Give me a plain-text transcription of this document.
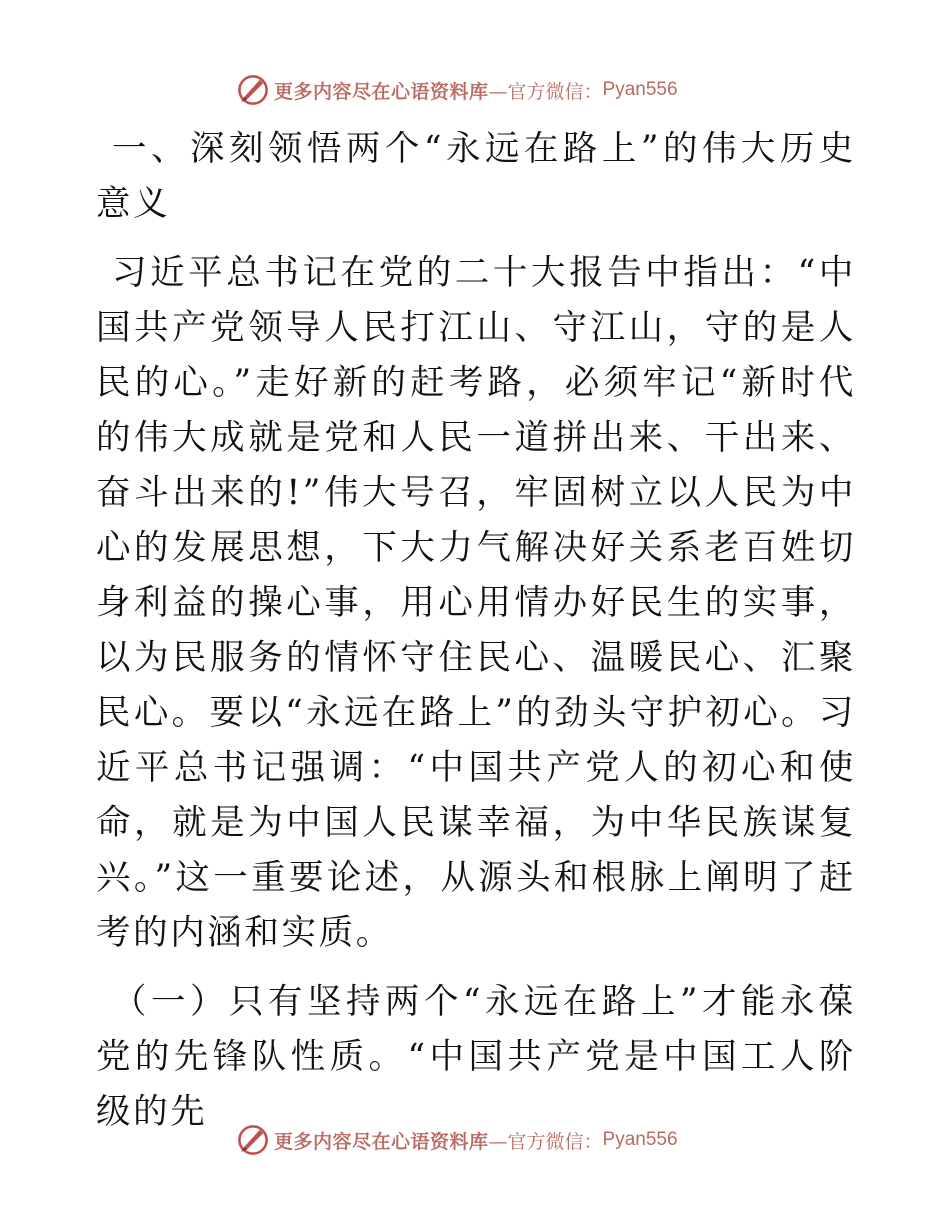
更多内容尽在心语资料库 —官方微信： Pyan556

一、深刻领悟两个“永远在路上”的伟大历史意义

习近平总书记在党的二十大报告中指出：“中国共产党领导人民打江山、守江山，守的是人民的心。”走好新的赶考路，必须牢记“新时代的伟大成就是党和人民一道拼出来、干出来、奋斗出来的!”伟大号召，牢固树立以人民为中心的发展思想，下大力气解决好关系老百姓切身利益的操心事，用心用情办好民生的实事，以为民服务的情怀守住民心、温暖民心、汇聚民心。要以“永远在路上”的劲头守护初心。习近平总书记强调：“中国共产党人的初心和使命，就是为中国人民谋幸福，为中华民族谋复兴。”这一重要论述，从源头和根脉上阐明了赶考的内涵和实质。

（一）只有坚持两个“永远在路上”才能永葆党的先锋队性质。“中国共产党是中国工人阶级的先

更多内容尽在心语资料库 —官方微信： Pyan556
